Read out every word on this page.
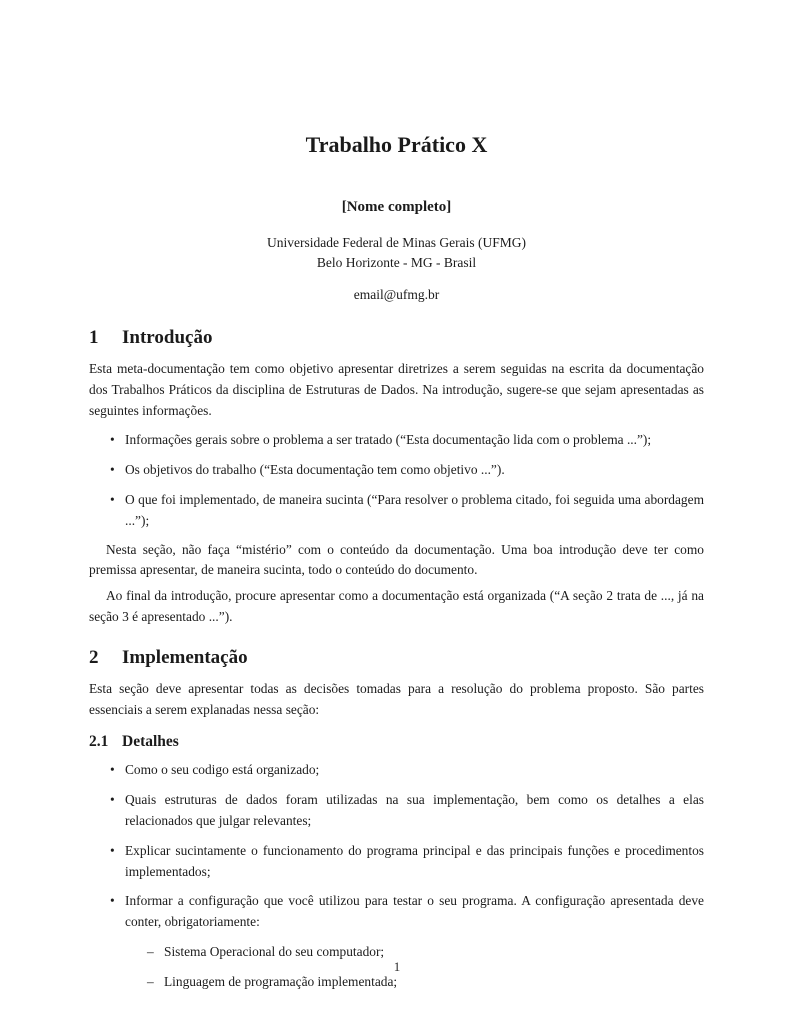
Trabalho Prático X
[Nome completo]
Universidade Federal de Minas Gerais (UFMG)
Belo Horizonte - MG - Brasil
email@ufmg.br
1 Introdução

Esta meta-documentação tem como objetivo apresentar diretrizes a serem seguidas na escrita da documentação dos Trabalhos Práticos da disciplina de Estruturas de Dados. Na introdução, sugere-se que sejam apresentadas as seguintes informações.

• Informações gerais sobre o problema a ser tratado (“Esta documentação lida com o problema ...”);
• Os objetivos do trabalho (“Esta documentação tem como objetivo ...”).
• O que foi implementado, de maneira sucinta (“Para resolver o problema citado, foi seguida uma abordagem ...”);

Nesta seção, não faça “mistério” com o conteúdo da documentação. Uma boa introdução deve ter como premissa apresentar, de maneira sucinta, todo o conteúdo do documento.

Ao final da introdução, procure apresentar como a documentação está organizada (“A seção 2 trata de ..., já na seção 3 é apresentado ...”).

2 Implementação

Esta seção deve apresentar todas as decisões tomadas para a resolução do problema proposto. São partes essenciais a serem explanadas nessa seção:

2.1 Detalhes
• Como o seu codigo está organizado;
• Quais estruturas de dados foram utilizadas na sua implementação, bem como os detalhes a elas relacionados que julgar relevantes;
• Explicar sucintamente o funcionamento do programa principal e das principais funções e procedimentos implementados;
• Informar a configuração que você utilizou para testar o seu programa. A configuração apresentada deve conter, obrigatoriamente:
– Sistema Operacional do seu computador;
– Linguagem de programação implementada;
1
